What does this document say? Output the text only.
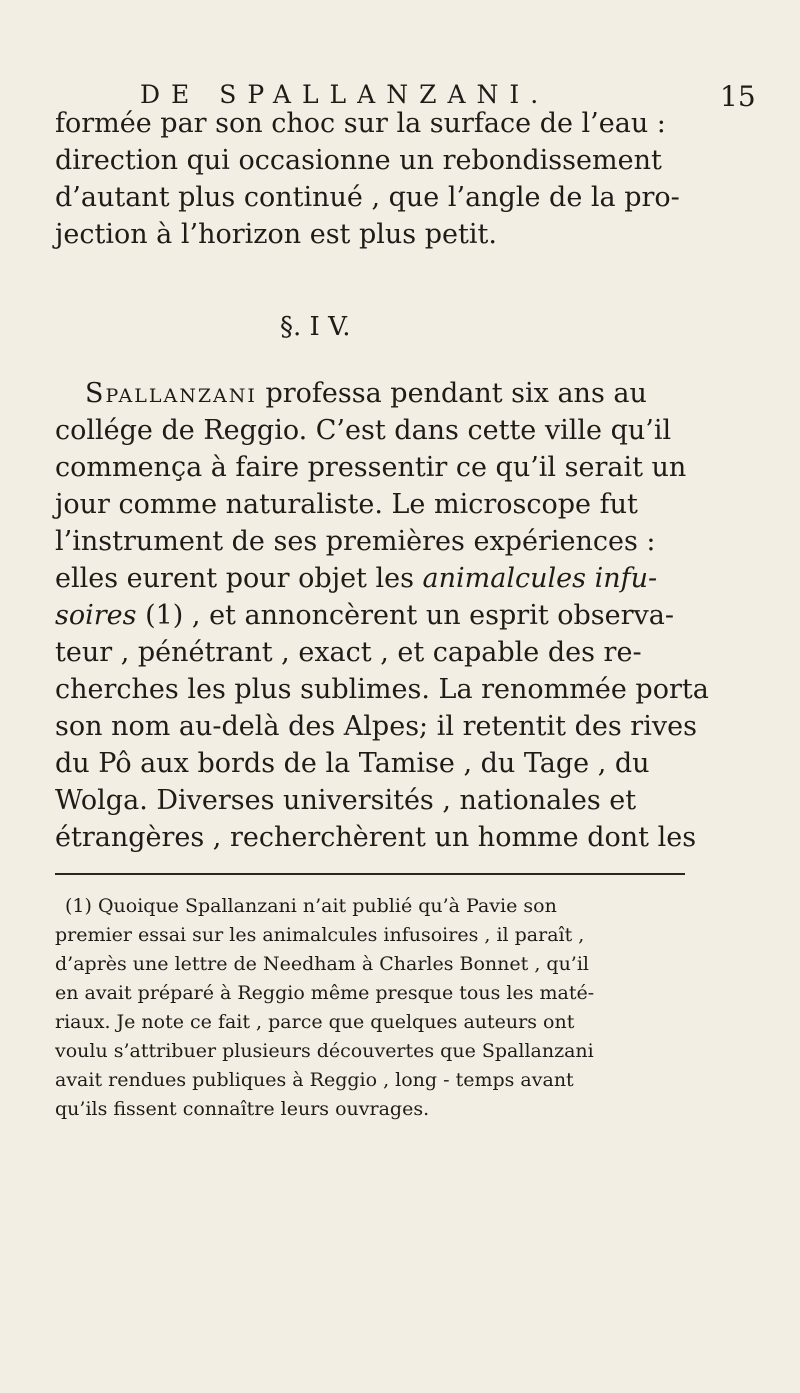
DE SPALLANZANI.	15
formée par son choc sur la surface de l’eau :
direction qui occasionne un rebondissement
d’autant plus continué , que l’angle de la pro-
jection à l’horizon est plus petit.
§. I V.
Spallanzani professa pendant six ans au
collége de Reggio. C’est dans cette ville qu’il
commença à faire pressentir ce qu’il serait un
jour comme naturaliste. Le microscope fut
l’instrument de ses premières expériences :
elles eurent pour objet les animalcules infu-
soires (1) , et annoncèrent un esprit observa-
teur , pénétrant , exact , et capable des re-
cherches les plus sublimes. La renommée porta
son nom au-delà des Alpes; il retentit des rives
du Pô aux bords de la Tamise , du Tage , du
Wolga. Diverses universités , nationales et
étrangères , recherchèrent un homme dont les
(1) Quoique Spallanzani n’ait publié qu’à Pavie son
premier essai sur les animalcules infusoires , il paraît ,
d’après une lettre de Needham à Charles Bonnet , qu’il
en avait préparé à Reggio même presque tous les maté-
riaux. Je note ce fait , parce que quelques auteurs ont
voulu s’attribuer plusieurs découvertes que Spallanzani
avait rendues publiques à Reggio , long - temps avant
qu’ils fissent connaître leurs ouvrages.
